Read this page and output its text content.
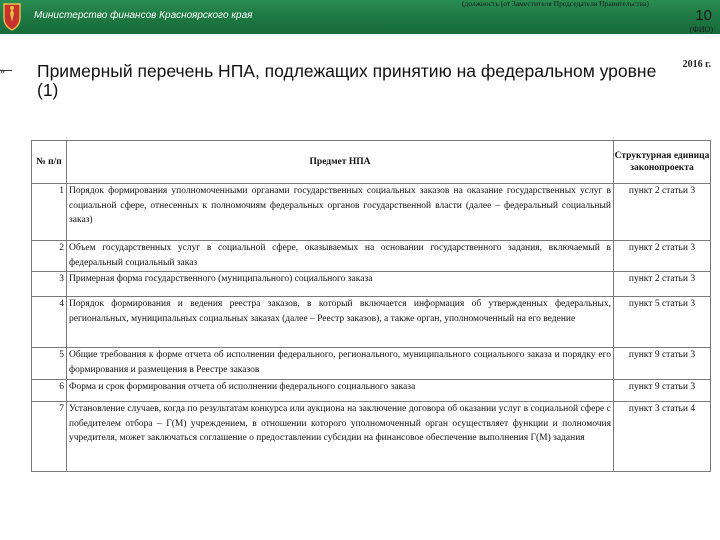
Министерство финансов Красноярского края
(должность (от Заместителя Председателя Правительства)
10
(ФИО)
»
2016 г.
Примерный перечень НПА, подлежащих принятию на федеральном уровне (1)
№ п/п	Предмет НПА	Структурная единица законопроекта
1	Порядок формирования уполномоченными органами государственных социальных заказов на оказание государственных услуг в социальной сфере, отнесенных к полномочиям федеральных органов государственной власти (далее – федеральный социальный заказ)	пункт 2 статьи 3
2	Объем государственных услуг в социальной сфере, оказываемых на основании государственного задания, включаемый в федеральный социальный заказ	пункт 2 статьи 3
3	Примерная форма государственного (муниципального) социального заказа	пункт 2 статьи 3
4	Порядок формирования и ведения реестра заказов, в который включается информация об утвержденных федеральных, региональных, муниципальных социальных заказах (далее – Реестр заказов), а также орган, уполномоченный на его ведение	пункт 5 статьи 3
5	Общие требования к форме отчета об исполнении федерального, регионального, муниципального социального заказа и порядку его формирования и размещения в Реестре заказов	пункт 9 статьи 3
6	Форма и срок формирования отчета об исполнении федерального социального заказа	пункт 9 статьи 3
7	Установление случаев, когда по результатам конкурса или аукциона на заключение договора об оказании услуг в социальной сфере с победителем отбора – Г(М) учреждением, в отношении которого уполномоченный орган осуществляет функции и полномочия учредителя, может заключаться соглашение о предоставлении субсидии на финансовое обеспечение выполнения Г(М) задания	пункт 3 статьи 4
